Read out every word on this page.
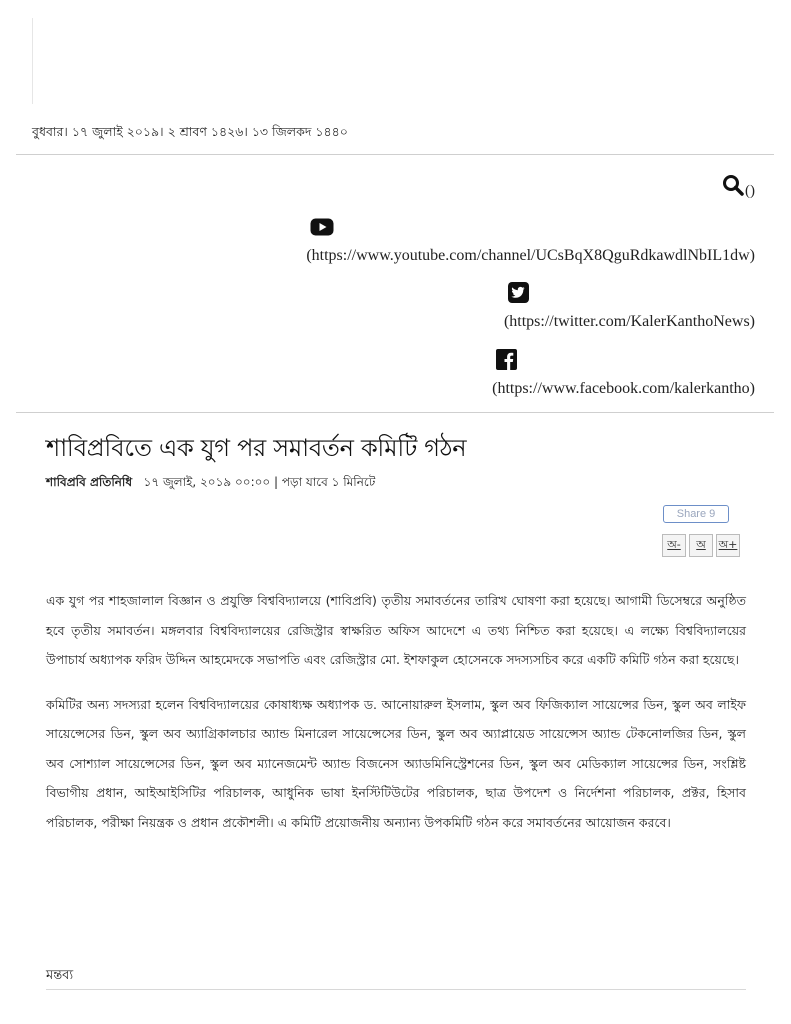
বুধবার। ১৭ জুলাই ২০১৯। ২ শ্রাবণ ১৪২৬। ১৩ জিলকদ ১৪৪০
()
(https://www.youtube.com/channel/UCsBqX8QguRdkawdlNbIL1dw)
(https://twitter.com/KalerKanthoNews)
(https://www.facebook.com/kalerkantho)
শাবিপ্রবিতে এক যুগ পর সমাবর্তন কমিটি গঠন
শাবিপ্রবি প্রতিনিধি ১৭ জুলাই, ২০১৯ ০০:০০ | পড়া যাবে ১ মিনিটে
Share 9
অ-	অ	অ+

এক যুগ পর শাহজালাল বিজ্ঞান ও প্রযুক্তি বিশ্ববিদ্যালয়ে (শাবিপ্রবি) তৃতীয় সমাবর্তনের তারিখ ঘোষণা করা হয়েছে। আগামী ডিসেম্বরে অনুষ্ঠিত হবে তৃতীয় সমাবর্তন। মঙ্গলবার বিশ্ববিদ্যালয়ের রেজিস্ট্রার স্বাক্ষরিত অফিস আদেশে এ তথ্য নিশ্চিত করা হয়েছে। এ লক্ষ্যে বিশ্ববিদ্যালয়ের উপাচার্য অধ্যাপক ফরিদ উদ্দিন আহমেদকে সভাপতি এবং রেজিস্ট্রার মো. ইশফাকুল হোসেনকে সদস্যসচিব করে একটি কমিটি গঠন করা হয়েছে।

কমিটির অন্য সদস্যরা হলেন বিশ্ববিদ্যালয়ের কোষাধ্যক্ষ অধ্যাপক ড. আনোয়ারুল ইসলাম, স্কুল অব ফিজিক্যাল সায়েন্সের ডিন, স্কুল অব লাইফ সায়েন্সেসের ডিন, স্কুল অব অ্যাগ্রিকালচার অ্যান্ড মিনারেল সায়েন্সেসের ডিন, স্কুল অব অ্যাপ্লায়েড সায়েন্সেস অ্যান্ড টেকনোলজির ডিন, স্কুল অব সোশ্যাল সায়েন্সেসের ডিন, স্কুল অব ম্যানেজমেন্ট অ্যান্ড বিজনেস অ্যাডমিনিস্ট্রেশনের ডিন, স্কুল অব মেডিক্যাল সায়েন্সের ডিন, সংশ্লিষ্ট বিভাগীয় প্রধান, আইআইসিটির পরিচালক, আধুনিক ভাষা ইনস্টিটিউটের পরিচালক, ছাত্র উপদেশ ও নির্দেশনা পরিচালক, প্রক্টর, হিসাব পরিচালক, পরীক্ষা নিয়ন্ত্রক ও প্রধান প্রকৌশলী। এ কমিটি প্রয়োজনীয় অন্যান্য উপকমিটি গঠন করে সমাবর্তনের আয়োজন করবে।

মন্তব্য
